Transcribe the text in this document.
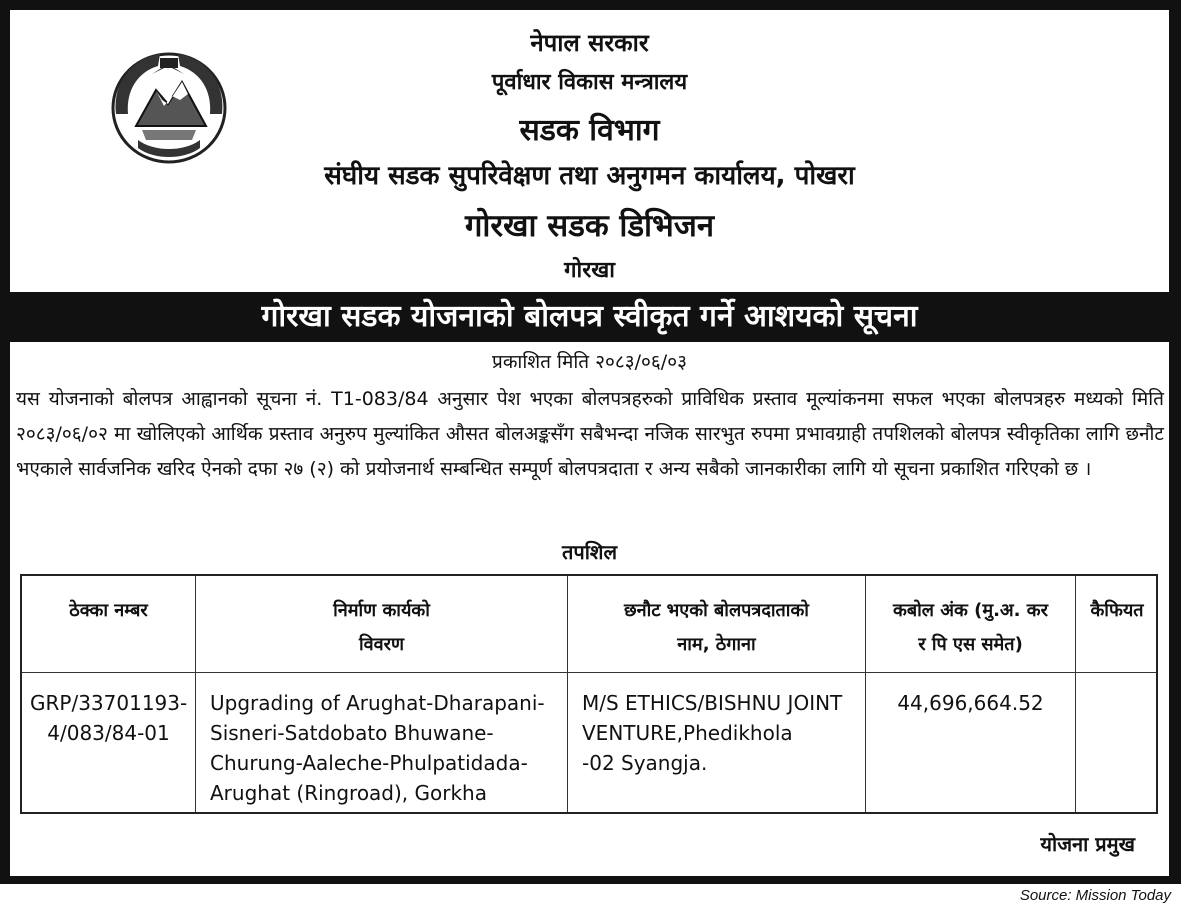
नेपाल सरकार
पूर्वाधार विकास मन्त्रालय
सडक विभाग
संघीय सडक सुपरिवेक्षण तथा अनुगमन कार्यालय, पोखरा
गोरखा सडक डिभिजन
गोरखा
गोरखा सडक योजनाको बोलपत्र स्वीकृत गर्ने आशयको सूचना
प्रकाशित मिति २०८३/०६/०३
यस योजनाको बोलपत्र आह्वानको सूचना नं. T1-083/84 अनुसार पेश भएका बोलपत्रहरुको प्राविधिक प्रस्ताव मूल्यांकनमा सफल भएका बोलपत्रहरु मध्यको मिति २०८३/०६/०२ मा खोलिएको आर्थिक प्रस्ताव अनुरुप मुल्यांकित औसत बोलअङ्कसँग सबैभन्दा नजिक सारभुत रुपमा प्रभावग्राही तपशिलको बोलपत्र स्वीकृतिका लागि छनौट भएकाले सार्वजनिक खरिद ऐनको दफा २७ (२) को प्रयोजनार्थ सम्बन्धित सम्पूर्ण बोलपत्रदाता र अन्य सबैको जानकारीका लागि यो सूचना प्रकाशित गरिएको छ ।
तपशिल
ठेक्का नम्बर	निर्माण कार्यको
विवरण
छनौट भएको बोलपत्रदाताको
नाम, ठेगाना
कबोल अंक (मु.अ. कर
र पि एस समेत)
कैफियत
GRP/33701193-
4/083/84-01
Upgrading of Arughat-Dharapani-
Sisneri-Satdobato Bhuwane-
Churung-Aaleche-Phulpatidada-
Arughat (Ringroad), Gorkha
M/S ETHICS/BISHNU JOINT
VENTURE,Phedikhola
-02 Syangja.
44,696,664.52
योजना प्रमुख
Source: Mission Today
